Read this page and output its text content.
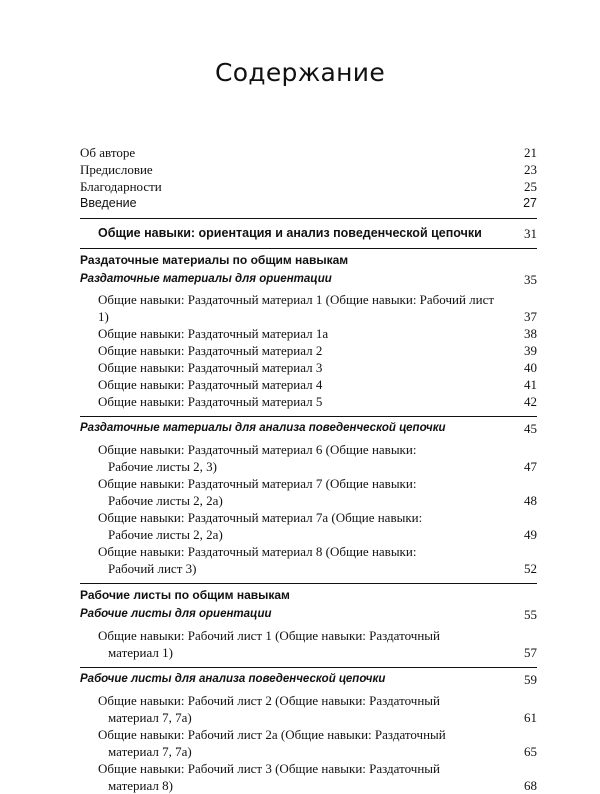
Содержание
Об авторе	21
Предисловие	23
Благодарности	25
Введение	27
Общие навыки: ориентация и анализ поведенческой цепочки	31
Раздаточные материалы по общим навыкам
Раздаточные материалы для ориентации	35
Общие навыки: Раздаточный материал 1 (Общие навыки: Рабочий лист 1)	37
Общие навыки: Раздаточный материал 1а	38
Общие навыки: Раздаточный материал 2	39
Общие навыки: Раздаточный материал 3	40
Общие навыки: Раздаточный материал 4	41
Общие навыки: Раздаточный материал 5	42
Раздаточные материалы для анализа поведенческой цепочки	45
Общие навыки: Раздаточный материал 6 (Общие навыки:
Рабочие листы 2, 3)	47
Общие навыки: Раздаточный материал 7 (Общие навыки:
Рабочие листы 2, 2а)	48
Общие навыки: Раздаточный материал 7а (Общие навыки:
Рабочие листы 2, 2а)	49
Общие навыки: Раздаточный материал 8 (Общие навыки:
Рабочий лист 3)	52
Рабочие листы по общим навыкам
Рабочие листы для ориентации	55
Общие навыки: Рабочий лист 1 (Общие навыки: Раздаточный
материал 1)	57
Рабочие листы для анализа поведенческой цепочки	59
Общие навыки: Рабочий лист 2 (Общие навыки: Раздаточный
материал 7, 7а)	61
Общие навыки: Рабочий лист 2а (Общие навыки: Раздаточный
материал 7, 7а)	65
Общие навыки: Рабочий лист 3 (Общие навыки: Раздаточный
материал 8)	68
